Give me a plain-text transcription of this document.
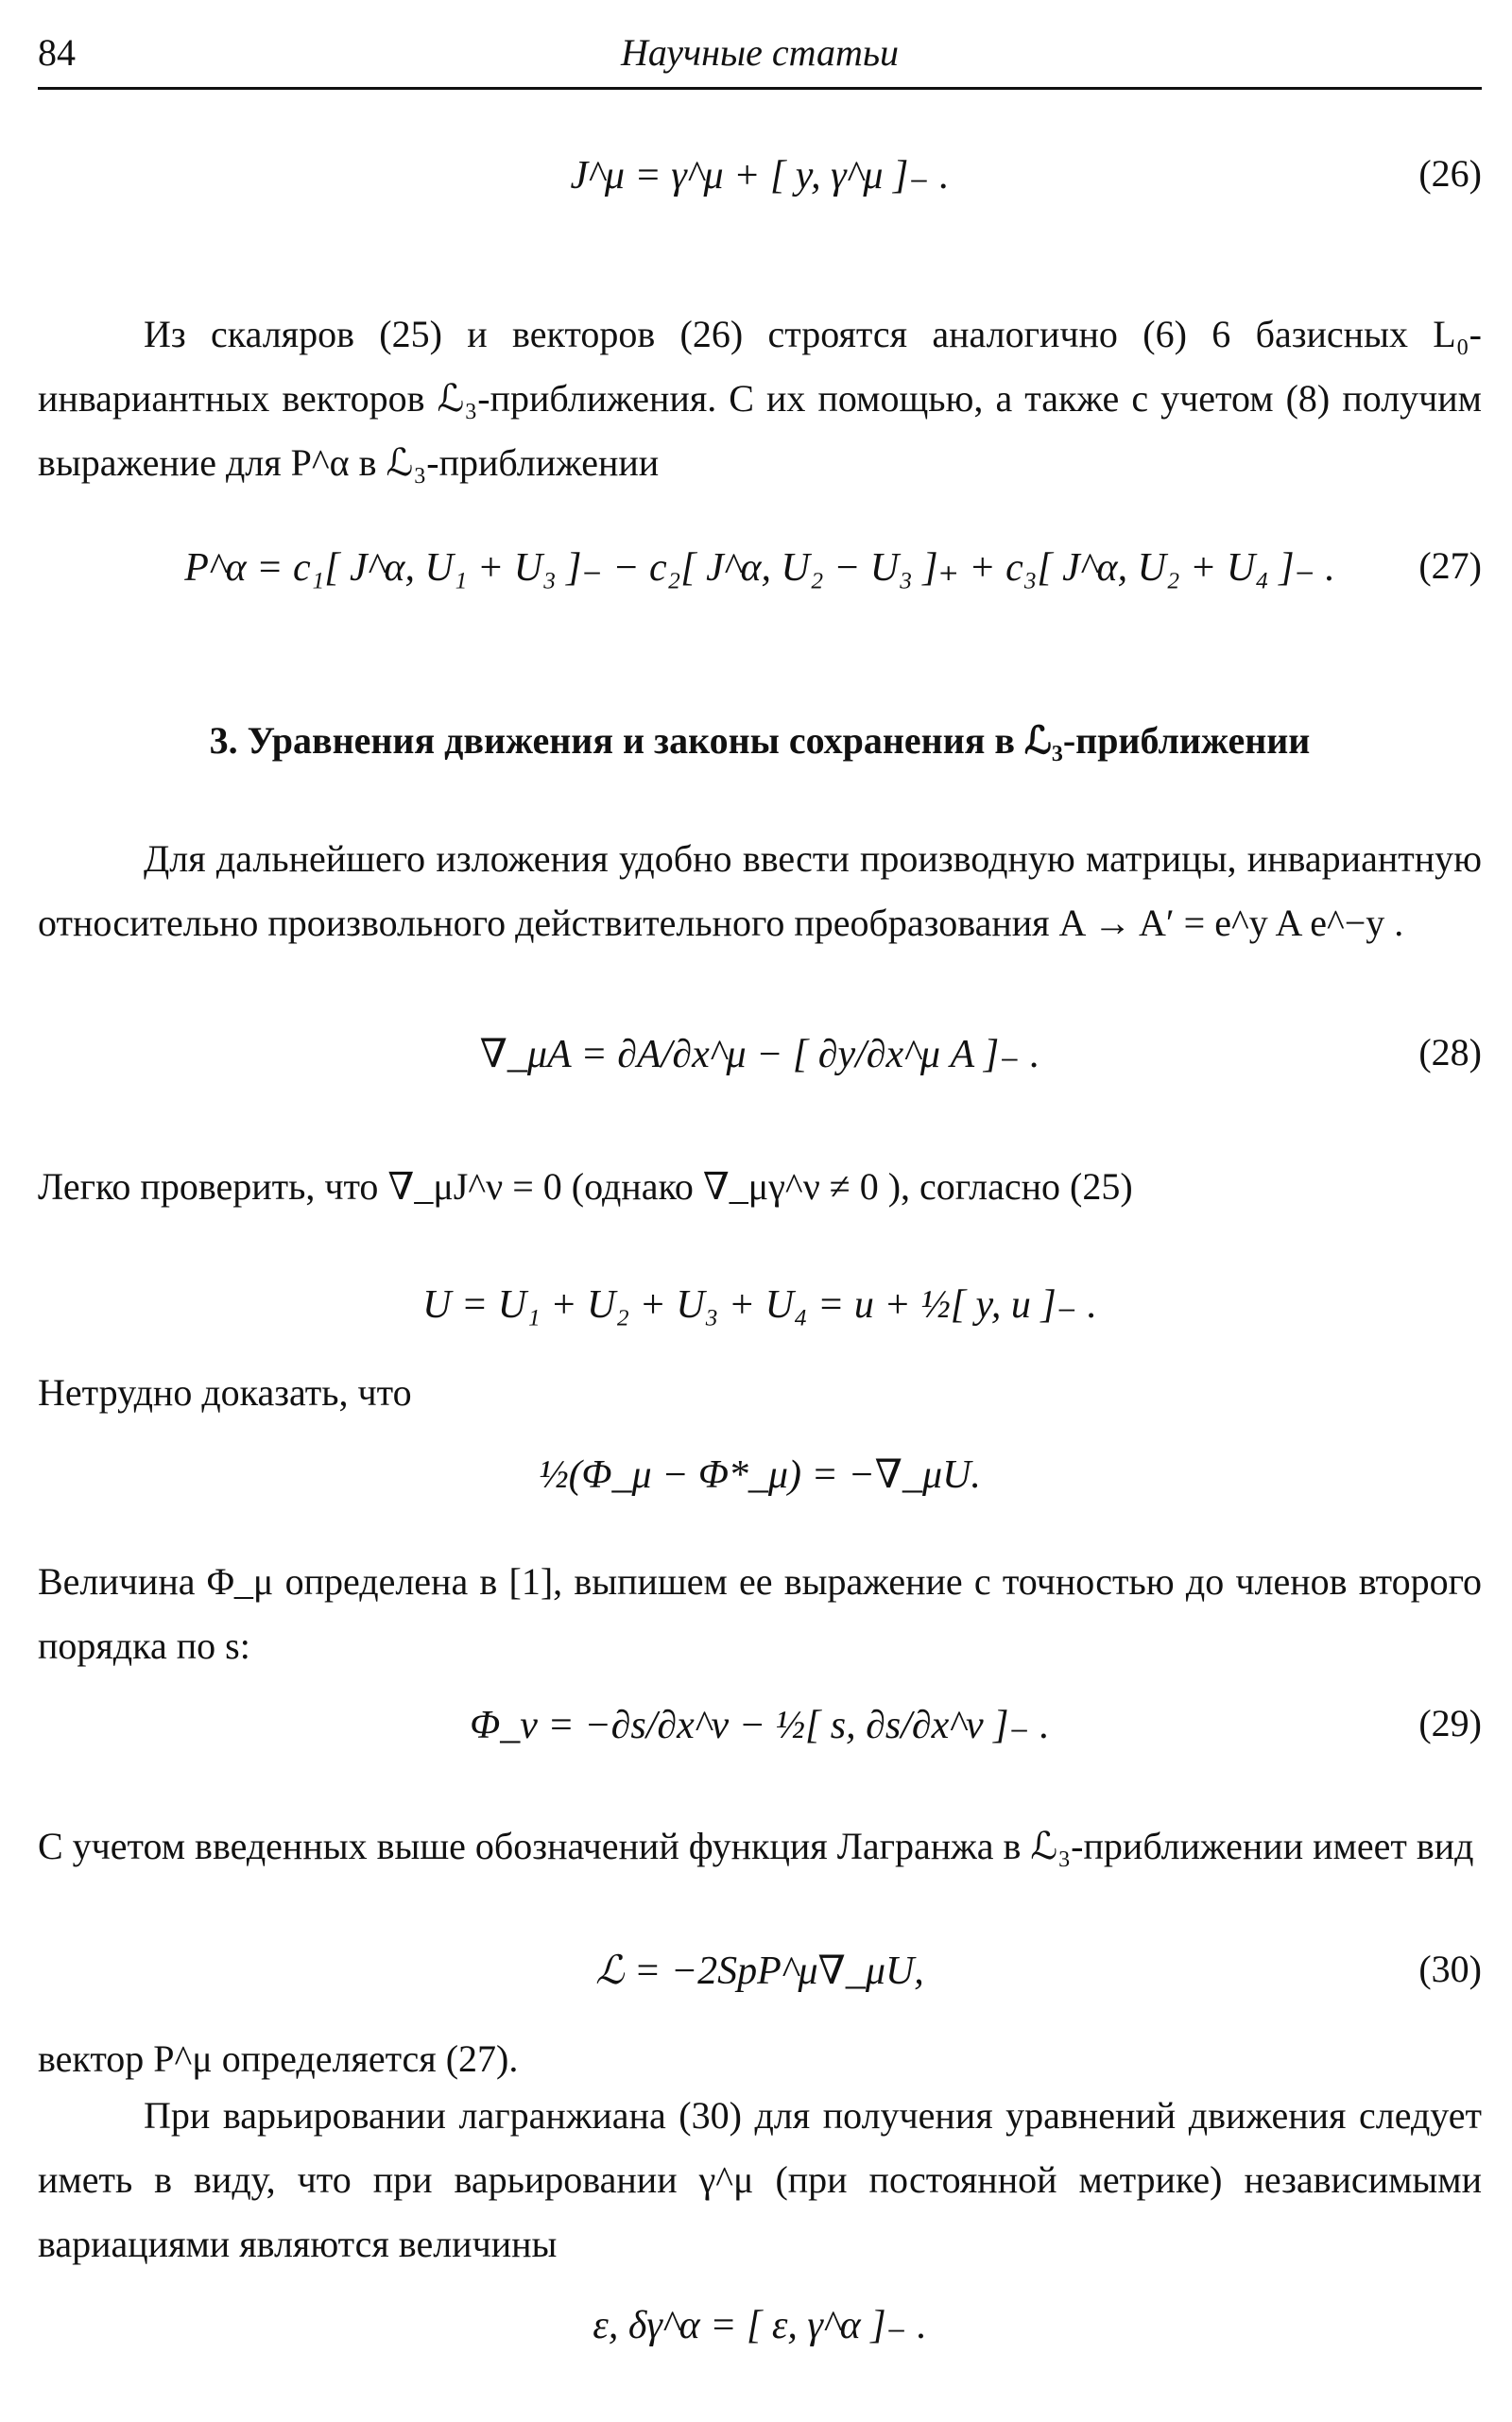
84	Научные статьи
J^μ = γ^μ + [ y, γ^μ ]₋ .	(26)

Из скаляров (25) и векторов (26) строятся аналогично (6) 6 базисных L₀-инвариантных векторов ℒ₃-приближения. С их помощью, а также с учетом (8) получим выражение для P^α в ℒ₃-приближении

P^α = c₁[ J^α, U₁ + U₃ ]₋ − c₂[ J^α, U₂ − U₃ ]₊ + c₃[ J^α, U₂ + U₄ ]₋ .	(27)
3. Уравнения движения и законы сохранения в ℒ₃-приближении

Для дальнейшего изложения удобно ввести производную матрицы, инвариантную относительно произвольного действительного преобразования A → A′ = e^y A e^−y .

∇_μA = ∂A/∂x^μ − [ ∂y/∂x^μ A ]₋ .	(28)

Легко проверить, что ∇_μJ^ν = 0 (однако ∇_μγ^ν ≠ 0 ), согласно (25)

U = U₁ + U₂ + U₃ + U₄ = u + ½[ y, u ]₋ .

Нетрудно доказать, что

½(Φ_μ − Φ*_μ) = −∇_μU.

Величина Φ_μ определена в [1], выпишем ее выражение с точностью до членов второго порядка по s:

Φ_ν = −∂s/∂x^ν − ½[ s, ∂s/∂x^ν ]₋ .	(29)

С учетом введенных выше обозначений функция Лагранжа в ℒ₃-приближении имеет вид

ℒ = −2SpP^μ∇_μU,	(30)

вектор P^μ определяется (27).

При варьировании лагранжиана (30) для получения уравнений движения следует иметь в виду, что при варьировании γ^μ (при постоянной метрике) независимыми вариациями являются величины

ε, δγ^α = [ ε, γ^α ]₋ .
